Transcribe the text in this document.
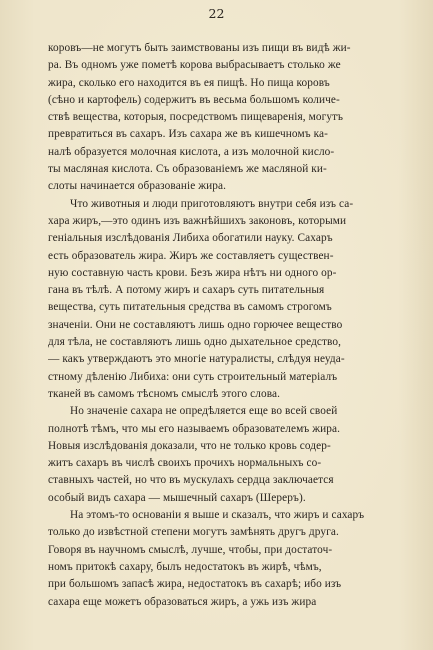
22
коровъ—не могутъ быть заимствованы изъ пищи въ видѣ жи-
ра. Въ одномъ уже пометѣ корова выбрасываетъ столько же
жира, сколько его находится въ ея пищѣ. Но пища коровъ
(сѣно и картофель) содержитъ въ весьма большомъ количе-
ствѣ вещества, которыя, посредствомъ пищеваренія, могутъ
превратиться въ сахаръ. Изъ сахара же въ кишечномъ ка-
налѣ образуется молочная кислота, а изъ молочной кисло-
ты масляная кислота. Съ образованіемъ же масляной ки-
слоты начинается образованіе жира.
Что животныя и люди приготовляютъ внутри себя изъ са-
хара жиръ,—это одинъ изъ важнѣйшихъ законовъ, которыми
геніальныя изслѣдованія Либиха обогатили науку. Сахаръ
есть образователь жира. Жиръ же составляетъ существен-
ную составную часть крови. Безъ жира нѣтъ ни одного ор-
гана въ тѣлѣ. А потому жиръ и сахаръ суть питательныя
вещества, суть питательныя средства въ самомъ строгомъ
значеніи. Они не составляютъ лишь одно горючее вещество
для тѣла, не составляютъ лишь одно дыхательное средство,
— какъ утверждаютъ это многіе натуралисты, слѣдуя неуда-
стному дѣленію Либиха: они суть строительный матеріалъ
тканей въ самомъ тѣсномъ смыслѣ этого слова.
Но значеніе сахара не опредѣляется еще во всей своей
полнотѣ тѣмъ, что мы его называемъ образователемъ жира.
Новыя изслѣдованія доказали, что не только кровь содер-
житъ сахаръ въ числѣ своихъ прочихъ нормальныхъ со-
ставныхъ частей, но что въ мускулахъ сердца заключается
особый видъ сахара — мышечный сахаръ (Шереръ).
На этомъ-то основаніи я выше и сказалъ, что жиръ и сахаръ
только до извѣстной степени могутъ замѣнять другъ друга.
Говоря въ научномъ смыслѣ, лучше, чтобы, при достаточ-
номъ притокѣ сахару, былъ недостатокъ въ жирѣ, чѣмъ,
при большомъ запасѣ жира, недостатокъ въ сахарѣ; ибо изъ
сахара еще можетъ образоваться жиръ, а ужь изъ жира
